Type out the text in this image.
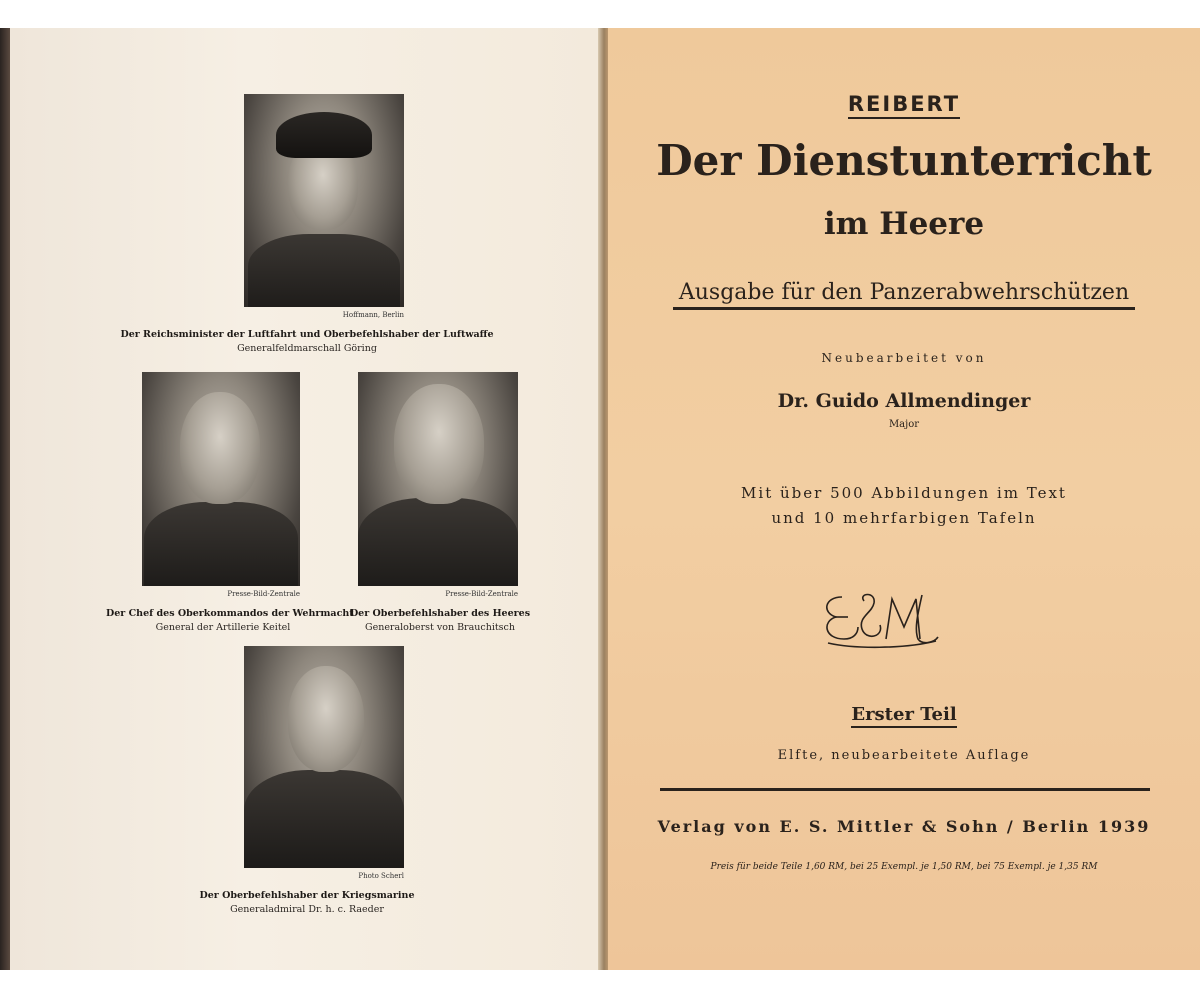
Hoffmann, Berlin
Der Reichsminister der Luftfahrt und Oberbefehlshaber der Luftwaffe
Generalfeldmarschall Göring
Presse-Bild-Zentrale
Der Chef des Oberkommandos der Wehrmacht
General der Artillerie Keitel
Presse-Bild-Zentrale
Der Oberbefehlshaber des Heeres
Generaloberst von Brauchitsch
Photo Scherl
Der Oberbefehlshaber der Kriegsmarine
Generaladmiral Dr. h. c. Raeder
REIBERT
Der Dienstunterricht
im Heere
Ausgabe für den Panzerabwehrschützen
Neubearbeitet von
Dr. Guido Allmendinger
Major
Mit über 500 Abbildungen im Text
und 10 mehrfarbigen Tafeln
Erster Teil
Elfte, neubearbeitete Auflage
Verlag von E. S. Mittler & Sohn / Berlin 1939
Preis für beide Teile 1,60 RM, bei 25 Exempl. je 1,50 RM, bei 75 Exempl. je 1,35 RM
